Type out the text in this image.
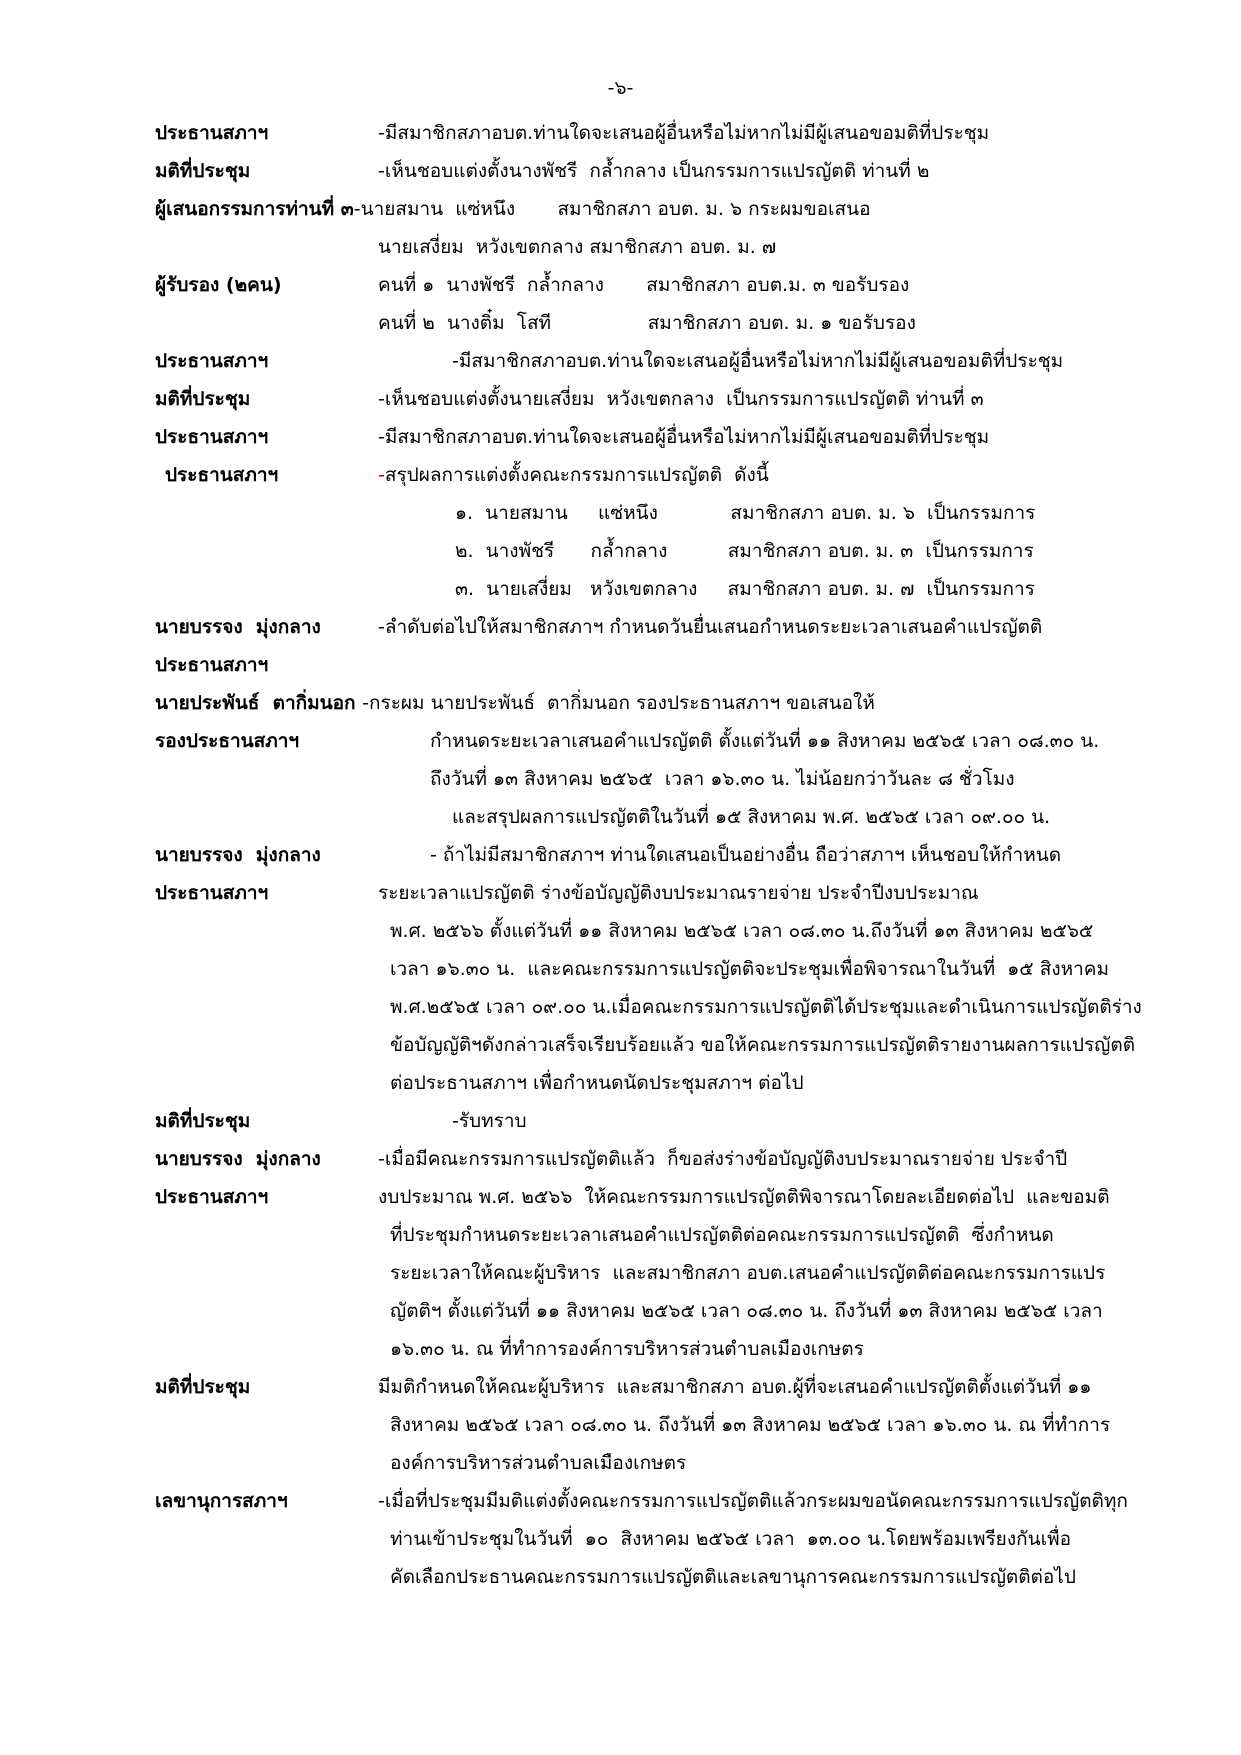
-๖-
ประธานสภาฯ	-มีสมาชิกสภาอบต.ท่านใดจะเสนอผู้อื่นหรือไม่หากไม่มีผู้เสนอขอมติที่ประชุม
มติที่ประชุม	-เห็นชอบแต่งตั้งนางพัชรี  กล้ำกลาง เป็นกรรมการแปรญัตติ ท่านที่ ๒
ผู้เสนอกรรมการท่านที่ ๓-นายสมาน  แซ่หนึง       สมาชิกสภา อบต. ม. ๖ กระผมขอเสนอ
นายเสงี่ยม  หวังเขตกลาง สมาชิกสภา อบต. ม. ๗
ผู้รับรอง (๒คน)	คนที่ ๑  นางพัชรี  กล้ำกลาง       สมาชิกสภา อบต.ม. ๓ ขอรับรอง
คนที่ ๒  นางติ๋ม  โสที                สมาชิกสภา อบต. ม. ๑ ขอรับรอง
ประธานสภาฯ	-มีสมาชิกสภาอบต.ท่านใดจะเสนอผู้อื่นหรือไม่หากไม่มีผู้เสนอขอมติที่ประชุม
มติที่ประชุม	-เห็นชอบแต่งตั้งนายเสงี่ยม  หวังเขตกลาง  เป็นกรรมการแปรญัตติ ท่านที่ ๓
ประธานสภาฯ	-มีสมาชิกสภาอบต.ท่านใดจะเสนอผู้อื่นหรือไม่หากไม่มีผู้เสนอขอมติที่ประชุม
ประธานสภาฯ	-สรุปผลการแต่งตั้งคณะกรรมการแปรญัตติ  ดังนี้
๑.  นายสมาน     แซ่หนึง            สมาชิกสภา อบต. ม. ๖  เป็นกรรมการ
๒.  นางพัชรี      กล้ำกลาง          สมาชิกสภา อบต. ม. ๓  เป็นกรรมการ
๓.  นายเสงี่ยม   หวังเขตกลาง     สมาชิกสภา อบต. ม. ๗  เป็นกรรมการ
นายบรรจง  มุ่งกลาง	-ลำดับต่อไปให้สมาชิกสภาฯ กำหนดวันยื่นเสนอกำหนดระยะเวลาเสนอคำแปรญัตติ
ประธานสภาฯ
นายประพันธ์  ตากิ่มนอก -กระผม นายประพันธ์  ตากิ่มนอก รองประธานสภาฯ ขอเสนอให้
รองประธานสภาฯ	กำหนดระยะเวลาเสนอคำแปรญัตติ ตั้งแต่วันที่ ๑๑ สิงหาคม ๒๕๖๕ เวลา ๐๘.๓๐ น.
ถึงวันที่ ๑๓ สิงหาคม ๒๕๖๕  เวลา ๑๖.๓๐ น. ไม่น้อยกว่าวันละ ๘ ชั่วโมง
และสรุปผลการแปรญัตติในวันที่ ๑๕ สิงหาคม พ.ศ. ๒๕๖๕ เวลา ๐๙.๐๐ น.
นายบรรจง  มุ่งกลาง	- ถ้าไม่มีสมาชิกสภาฯ ท่านใดเสนอเป็นอย่างอื่น ถือว่าสภาฯ เห็นชอบให้กำหนด
ประธานสภาฯ	ระยะเวลาแปรญัตติ ร่างข้อบัญญัติงบประมาณรายจ่าย ประจำปีงบประมาณ
พ.ศ. ๒๕๖๖ ตั้งแต่วันที่ ๑๑ สิงหาคม ๒๕๖๕ เวลา ๐๘.๓๐ น.ถึงวันที่ ๑๓ สิงหาคม ๒๕๖๕
เวลา ๑๖.๓๐ น.  และคณะกรรมการแปรญัตติจะประชุมเพื่อพิจารณาในวันที่  ๑๕ สิงหาคม
พ.ศ.๒๕๖๕ เวลา ๐๙.๐๐ น.เมื่อคณะกรรมการแปรญัตติได้ประชุมและดำเนินการแปรญัตติร่าง
ข้อบัญญัติฯดังกล่าวเสร็จเรียบร้อยแล้ว ขอให้คณะกรรมการแปรญัตติรายงานผลการแปรญัตติ
ต่อประธานสภาฯ เพื่อกำหนดนัดประชุมสภาฯ ต่อไป
มติที่ประชุม	-รับทราบ
นายบรรจง  มุ่งกลาง	-เมื่อมีคณะกรรมการแปรญัตติแล้ว  ก็ขอส่งร่างข้อบัญญัติงบประมาณรายจ่าย ประจำปี
ประธานสภาฯ	งบประมาณ พ.ศ. ๒๕๖๖  ให้คณะกรรมการแปรญัตติพิจารณาโดยละเอียดต่อไป  และขอมติ
ที่ประชุมกำหนดระยะเวลาเสนอคำแปรญัตติต่อคณะกรรมการแปรญัตติ  ซึ่งกำหนด
ระยะเวลาให้คณะผู้บริหาร  และสมาชิกสภา อบต.เสนอคำแปรญัตติต่อคณะกรรมการแปร
ญัตติฯ ตั้งแต่วันที่ ๑๑ สิงหาคม ๒๕๖๕ เวลา ๐๘.๓๐ น. ถึงวันที่ ๑๓ สิงหาคม ๒๕๖๕ เวลา
๑๖.๓๐ น. ณ ที่ทำการองค์การบริหารส่วนตำบลเมืองเกษตร
มติที่ประชุม	มีมติกำหนดให้คณะผู้บริหาร  และสมาชิกสภา อบต.ผู้ที่จะเสนอคำแปรญัตติตั้งแต่วันที่ ๑๑
สิงหาคม ๒๕๖๕ เวลา ๐๘.๓๐ น. ถึงวันที่ ๑๓ สิงหาคม ๒๕๖๕ เวลา ๑๖.๓๐ น. ณ ที่ทำการ
องค์การบริหารส่วนตำบลเมืองเกษตร
เลขานุการสภาฯ	-เมื่อที่ประชุมมีมติแต่งตั้งคณะกรรมการแปรญัตติแล้วกระผมขอนัดคณะกรรมการแปรญัตติทุก
ท่านเข้าประชุมในวันที่  ๑๐  สิงหาคม ๒๕๖๕ เวลา  ๑๓.๐๐ น.โดยพร้อมเพรียงกันเพื่อ
คัดเลือกประธานคณะกรรมการแปรญัตติและเลขานุการคณะกรรมการแปรญัตติต่อไป
